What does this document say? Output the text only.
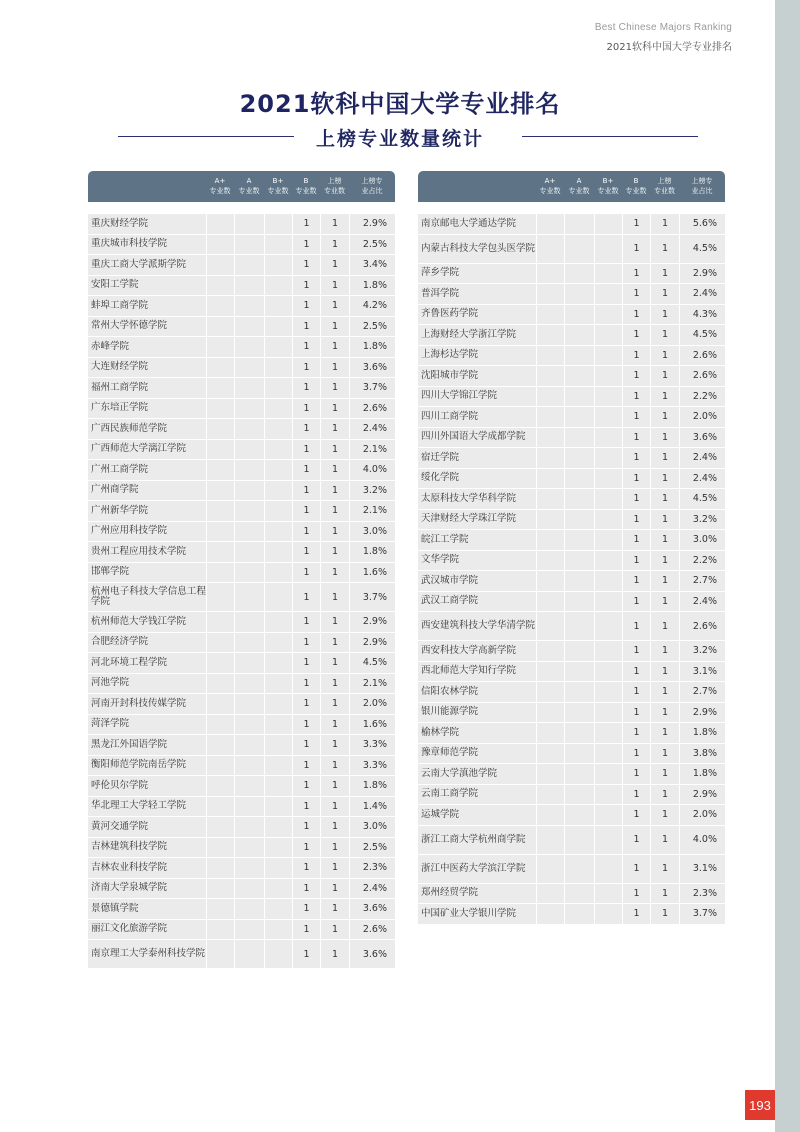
Best Chinese Majors Ranking
2021软科中国大学专业排名
2021软科中国大学专业排名
上榜专业数量统计
A+
专业数
A
专业数
B+
专业数
B
专业数
上榜
专业数
上榜专
业占比
重庆财经学院	1	1	2.9%
重庆城市科技学院	1	1	2.5%
重庆工商大学派斯学院	1	1	3.4%
安阳工学院	1	1	1.8%
蚌埠工商学院	1	1	4.2%
常州大学怀德学院	1	1	2.5%
赤峰学院	1	1	1.8%
大连财经学院	1	1	3.6%
福州工商学院	1	1	3.7%
广东培正学院	1	1	2.6%
广西民族师范学院	1	1	2.4%
广西师范大学漓江学院	1	1	2.1%
广州工商学院	1	1	4.0%
广州商学院	1	1	3.2%
广州新华学院	1	1	2.1%
广州应用科技学院	1	1	3.0%
贵州工程应用技术学院	1	1	1.8%
邯郸学院	1	1	1.6%
杭州电子科技大学信息工程学院	1	1	3.7%
杭州师范大学钱江学院	1	1	2.9%
合肥经济学院	1	1	2.9%
河北环境工程学院	1	1	4.5%
河池学院	1	1	2.1%
河南开封科技传媒学院	1	1	2.0%
菏泽学院	1	1	1.6%
黑龙江外国语学院	1	1	3.3%
衡阳师范学院南岳学院	1	1	3.3%
呼伦贝尔学院	1	1	1.8%
华北理工大学轻工学院	1	1	1.4%
黄河交通学院	1	1	3.0%
吉林建筑科技学院	1	1	2.5%
吉林农业科技学院	1	1	2.3%
济南大学泉城学院	1	1	2.4%
景德镇学院	1	1	3.6%
丽江文化旅游学院	1	1	2.6%
南京理工大学泰州科技学院	1	1	3.6%
A+
专业数
A
专业数
B+
专业数
B
专业数
上榜
专业数
上榜专
业占比
南京邮电大学通达学院	1	1	5.6%
内蒙古科技大学包头医学院	1	1	4.5%
萍乡学院	1	1	2.9%
普洱学院	1	1	2.4%
齐鲁医药学院	1	1	4.3%
上海财经大学浙江学院	1	1	4.5%
上海杉达学院	1	1	2.6%
沈阳城市学院	1	1	2.6%
四川大学锦江学院	1	1	2.2%
四川工商学院	1	1	2.0%
四川外国语大学成都学院	1	1	3.6%
宿迁学院	1	1	2.4%
绥化学院	1	1	2.4%
太原科技大学华科学院	1	1	4.5%
天津财经大学珠江学院	1	1	3.2%
皖江工学院	1	1	3.0%
文华学院	1	1	2.2%
武汉城市学院	1	1	2.7%
武汉工商学院	1	1	2.4%
西安建筑科技大学华清学院	1	1	2.6%
西安科技大学高新学院	1	1	3.2%
西北师范大学知行学院	1	1	3.1%
信阳农林学院	1	1	2.7%
银川能源学院	1	1	2.9%
榆林学院	1	1	1.8%
豫章师范学院	1	1	3.8%
云南大学滇池学院	1	1	1.8%
云南工商学院	1	1	2.9%
运城学院	1	1	2.0%
浙江工商大学杭州商学院	1	1	4.0%
浙江中医药大学滨江学院	1	1	3.1%
郑州经贸学院	1	1	2.3%
中国矿业大学银川学院	1	1	3.7%
193
